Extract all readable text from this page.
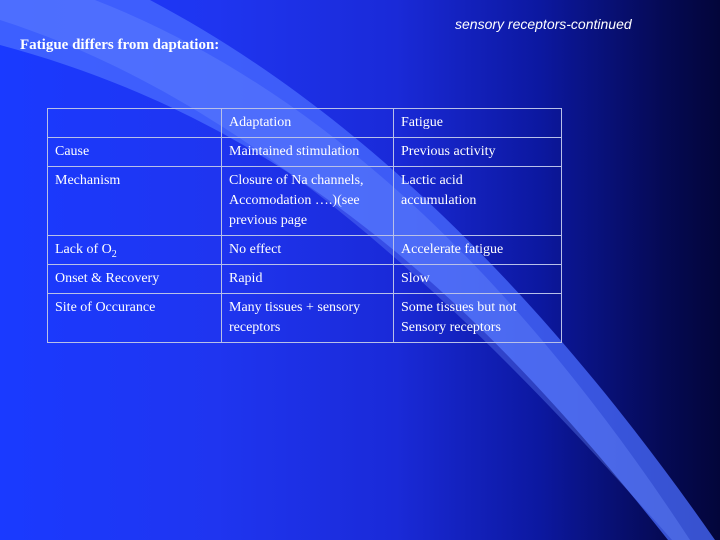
sensory receptors-continued
Fatigue differs from daptation:
	Adaptation	Fatigue
Cause	Maintained stimulation	Previous activity
Mechanism	Closure of Na channels,
Accomodation ….)(see
previous page	Lactic acid
accumulation
Lack of $O_2$	No effect	Accelerate fatigue
Onset & Recovery	Rapid	Slow
Site of Occurance	Many tissues + sensory
receptors	Some tissues but not
Sensory receptors
